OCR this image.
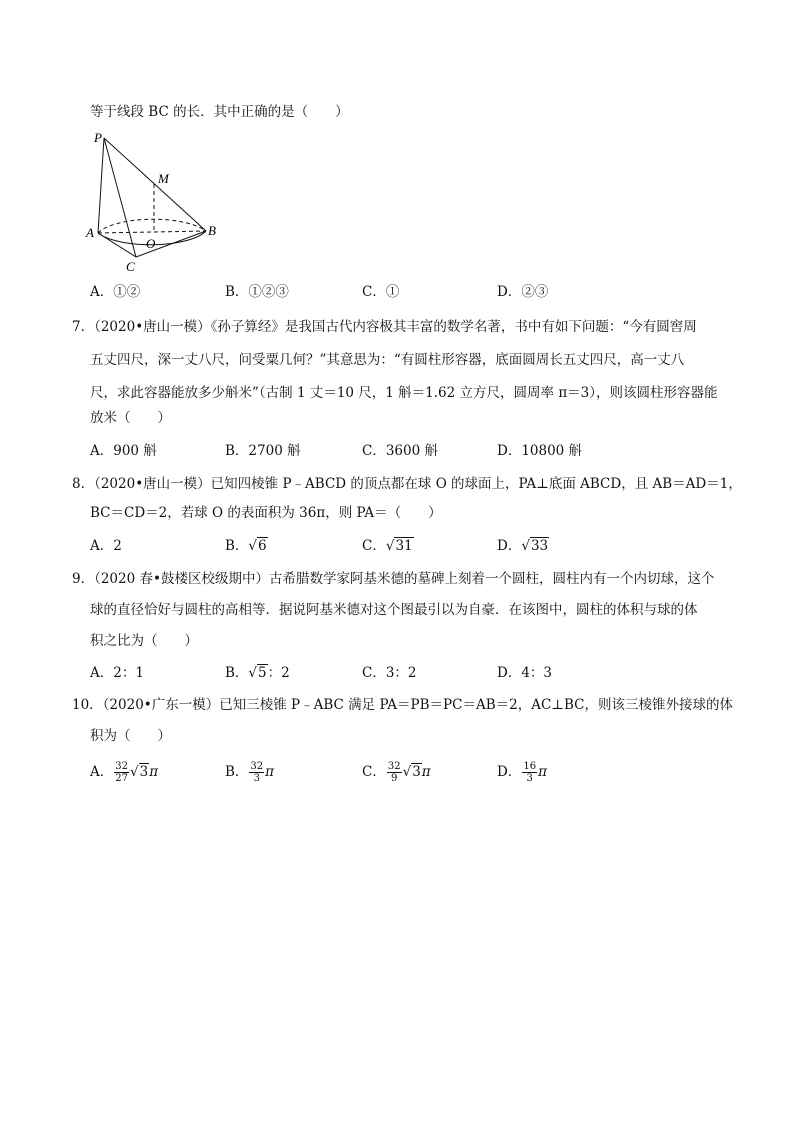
等于线段 BC 的长．其中正确的是（　　）
P
M
A
O
B
C
A．①②	B．①②③	C．①	D．②③
7．（2020•唐山一模）《孙子算经》是我国古代内容极其丰富的数学名著，书中有如下问题：“今有圆窖周
五丈四尺，深一丈八尺，问受粟几何？”其意思为：“有圆柱形容器，底面圆周长五丈四尺，高一丈八
尺，求此容器能放多少斛米”（古制 1 丈＝10 尺，1 斛＝1.62 立方尺，圆周率 π＝3），则该圆柱形容器能
放米（　　）
A．900 斛	B．2700 斛	C．3600 斛	D．10800 斛
8．（2020•唐山一模）已知四棱锥 P﹣ABCD 的顶点都在球 O 的球面上，PA⊥底面 ABCD，且 AB＝AD＝1，
BC＝CD＝2，若球 O 的表面积为 36π，则 PA＝（　　）
A．2	B．√6	C．√31	D．√33
9．（2020 春•鼓楼区校级期中）古希腊数学家阿基米德的墓碑上刻着一个圆柱，圆柱内有一个内切球，这个
球的直径恰好与圆柱的高相等．据说阿基米德对这个图最引以为自豪．在该图中，圆柱的体积与球的体
积之比为（　　）
A．2：1	B．√5：2	C．3：2	D．4：3
10．（2020•广东一模）已知三棱锥 P﹣ABC 满足 PA＝PB＝PC＝AB＝2，AC⊥BC，则该三棱锥外接球的体
积为（　　）
A． $\frac{32}{27} √3\pi$	B． $\frac{32}{3}$ π	C． $\frac{32}{9} √3\pi$	D． $\frac{16}{3}$ π
